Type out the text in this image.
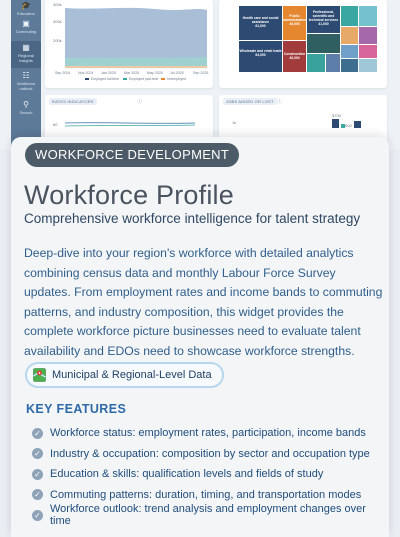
🎓
Education
▣
Commuting
▦
Regional Insights
☷
Workforce outlook
⚲
Search
400k
300k
200k
Sep 2024 Nov 2024 Jan 2025 Mar 2025 May 2025 Jul 2025	Sep 2025
Employed full-time	Employed part-time	Unemployed
Health care and social assistance
61,000
Public administration
46,000
Professional, scientific and technical services
41,000
Wholesale and retail trade
64,000	Construction
40,000
RATES INDICATORS	ⓘ
60
JOBS ADDED OR LOST ⓘ
1k
$700
600
WORKFORCE DEVELOPMENT
Workforce Profile
Comprehensive workforce intelligence for talent strategy

Deep-dive into your region's workforce with detailed analytics combining census data and monthly Labour Force Survey updates. From employment rates and income bands to commuting patterns, and industry composition, this widget provides the complete workforce picture businesses need to evaluate talent availability and EDOs need to showcase workforce strengths.

Municipal & Regional-Level Data
KEY FEATURES
✓ Workforce status: employment rates, participation, income bands
✓ Industry & occupation: composition by sector and occupation type
✓ Education & skills: qualification levels and fields of study
✓ Commuting patterns: duration, timing, and transportation modes
✓ Workforce outlook: trend analysis and employment changes over time
